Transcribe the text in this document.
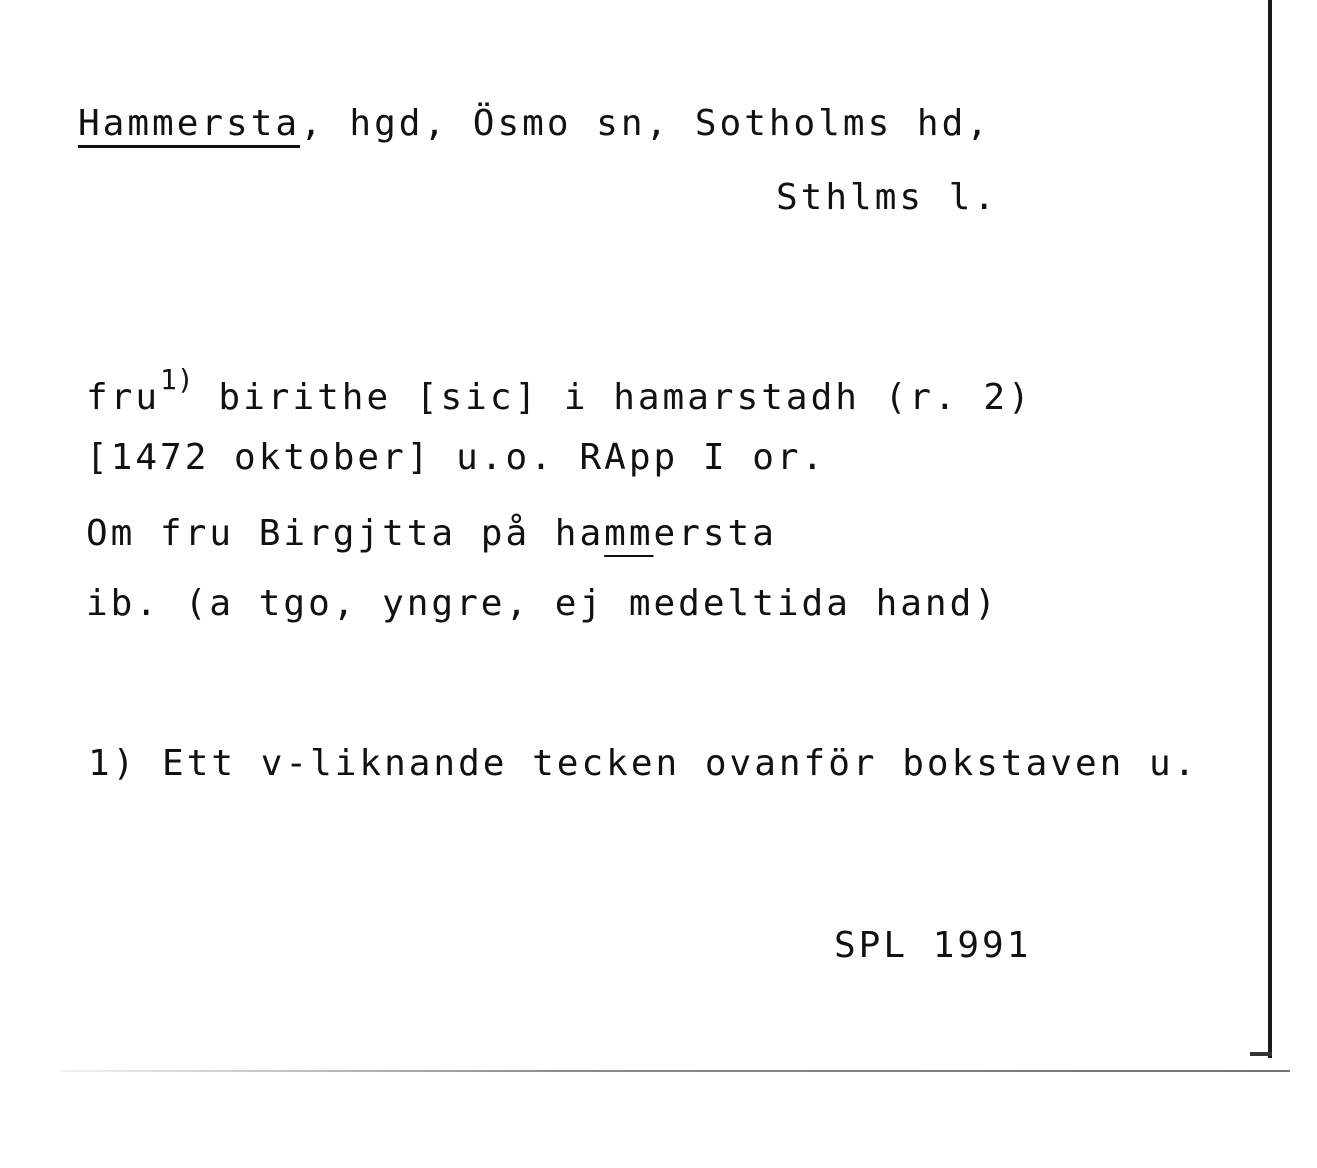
Hammersta, hgd, Ösmo sn, Sotholms hd,
Sthlms l.
fru$^{1)}$ birithe [sic] i hamarstadh (r. 2)
[1472 oktober] u.o. RApp I or.
Om fru Birgjtta på hammersta
ib. (a tgo, yngre, ej medeltida hand)
1) Ett v-liknande tecken ovanför bokstaven u.
SPL 1991
